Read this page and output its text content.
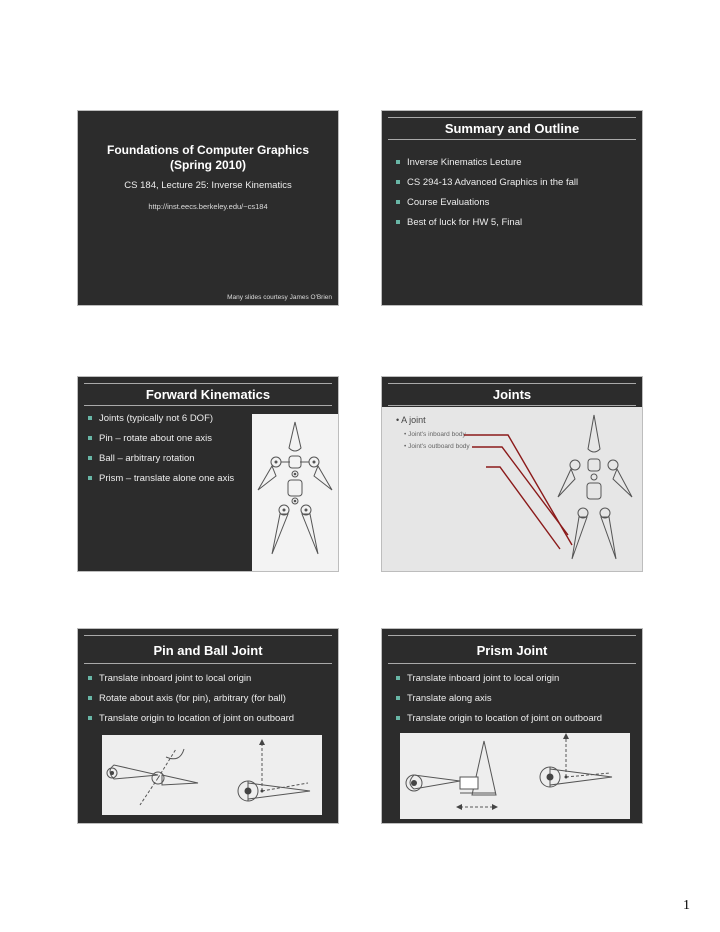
Foundations of Computer Graphics
(Spring 2010)
CS 184, Lecture 25: Inverse Kinematics
http://inst.eecs.berkeley.edu/~cs184
Many slides courtesy James O'Brien
Summary and Outline
Inverse Kinematics Lecture
CS 294-13 Advanced Graphics in the fall
Course Evaluations
Best of luck for HW 5, Final
Forward Kinematics
Joints (typically not 6 DOF)
Pin – rotate about one axis
Ball – arbitrary rotation
Prism – translate alone one axis
Joints
• A joint
• Joint's inboard body
• Joint's outboard body
Pin and Ball Joint
Translate inboard joint to local origin
Rotate about axis (for pin), arbitrary (for ball)
Translate origin to location of joint on outboard
Prism Joint
Translate inboard joint to local origin
Translate along axis
Translate origin to location of joint on outboard
1
